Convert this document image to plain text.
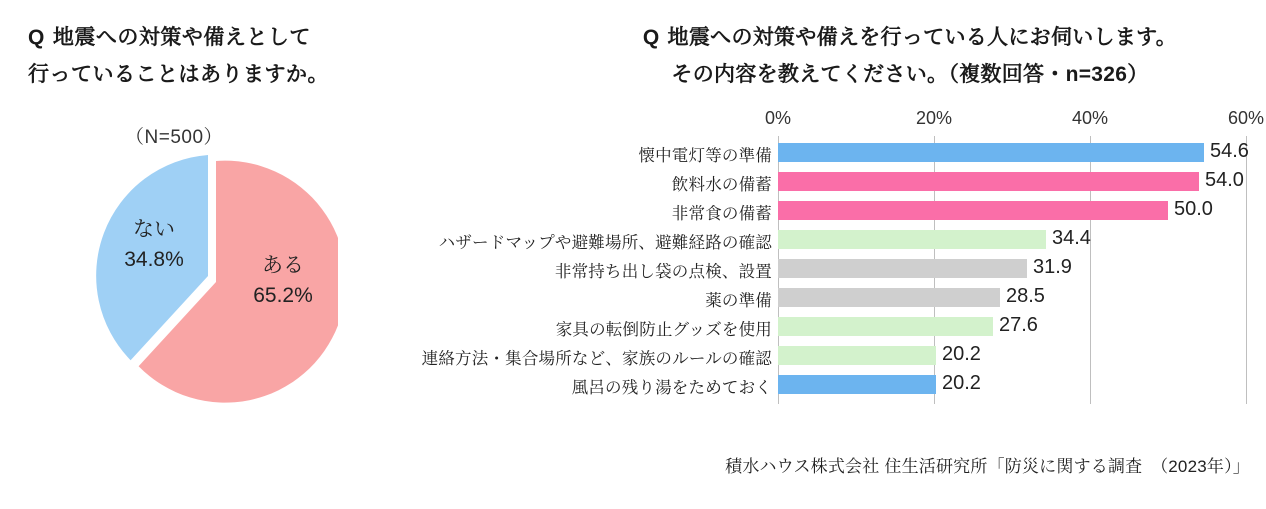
Q 地震への対策や備えとして
行っていることはありますか。
（N=500）
ある
65.2%
ない
34.8%
Q 地震への対策や備えを行っている人にお伺いします。
その内容を教えてください。（複数回答・n=326）
0%	20%	40%	60%
懐中電灯等の準備	54.6
飲料水の備蓄	54.0
非常食の備蓄	50.0
ハザードマップや避難場所、避難経路の確認	34.4
非常持ち出し袋の点検、設置	31.9
薬の準備	28.5
家具の転倒防止グッズを使用	27.6
連絡方法・集合場所など、家族のルールの確認	20.2
風呂の残り湯をためておく	20.2
積水ハウス株式会社 住生活研究所「防災に関する調査　（2023年）」
